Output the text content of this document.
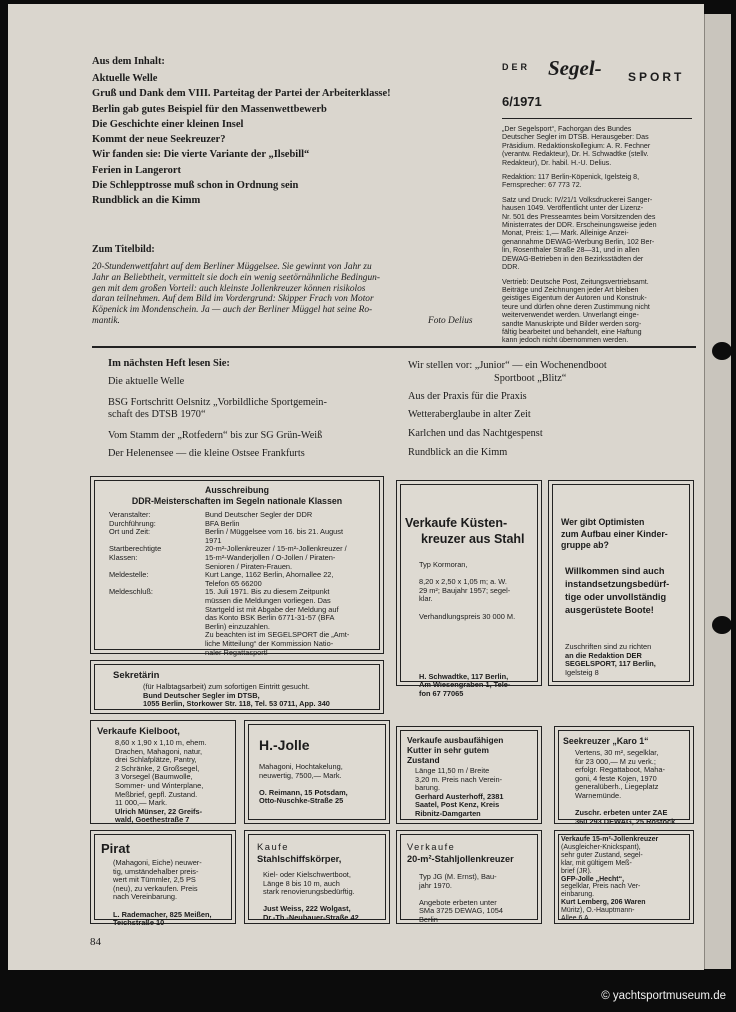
Aus dem Inhalt:
Aktuelle Welle
Gruß und Dank dem VIII. Parteitag der Partei der Arbeiterklasse!
Berlin gab gutes Beispiel für den Massenwettbewerb
Die Geschichte einer kleinen Insel
Kommt der neue Seekreuzer?
Wir fanden sie: Die vierte Variante der „Ilsebill“
Ferien in Langerort
Die Schlepptrosse muß schon in Ordnung sein
Rundblick an die Kimm
DER Segel- SPORT
6/1971
„Der Segelsport“, Fachorgan des Bundes
Deutscher Segler im DTSB. Herausgeber: Das
Präsidium. Redaktionskollegium: A. R. Fechner
(verantw. Redakteur), Dr. H. Schwadtke (stellv.
Redakteur), Dr. habil. H.-U. Delius.
Redaktion: 117 Berlin-Köpenick, Igelsteig 8,
Fernsprecher: 67 773 72.
Satz und Druck: IV/21/1 Volksdruckerei Sanger-
hausen 1049. Veröffentlicht unter der Lizenz-
Nr. 501 des Presseamtes beim Vorsitzenden des
Ministerrates der DDR. Erscheinungsweise jeden
Monat, Preis: 1,— Mark. Alleinige Anzei-
genannahme DEWAG-Werbung Berlin, 102 Ber-
lin, Rosenthaler Straße 28—31, und in allen
DEWAG-Betrieben in den Bezirksstädten der
DDR.
Vertrieb: Deutsche Post, Zeitungsvertriebsamt.
Beiträge und Zeichnungen jeder Art bleiben
geistiges Eigentum der Autoren und Konstruk-
teure und dürfen ohne deren Zustimmung nicht
weiterverwendet werden. Unverlangt einge-
sandte Manuskripte und Bilder werden sorg-
fältig bearbeitet und behandelt, eine Haftung
kann jedoch nicht übernommen werden.
Zum Titelbild:
20-Stundenwettfahrt auf dem Berliner Müggelsee. Sie gewinnt von Jahr zu
Jahr an Beliebtheit, vermittelt sie doch ein wenig seetörnähnliche Bedingun-
gen mit dem großen Vorteil: auch kleinste Jollenkreuzer können risikolos
daran teilnehmen. Auf dem Bild im Vordergrund: Skipper Frach von Motor
Köpenick im Mondenschein. Ja — auch der Berliner Müggel hat seine Ro-
mantik.	Foto Delius
Im nächsten Heft lesen Sie:
Die aktuelle Welle
BSG Fortschritt Oelsnitz „Vorbildliche Sportgemein-
schaft des DTSB 1970“
Vom Stamm der „Rotfedern“ bis zur SG Grün-Weiß
Der Helenensee — die kleine Ostsee Frankfurts
Wir stellen vor: „Junior“ — ein Wochenendboot
Sportboot „Blitz“
Aus der Praxis für die Praxis
Wetteraberglaube in alter Zeit
Karlchen und das Nachtgespenst
Rundblick an die Kimm
Ausschreibung
DDR-Meisterschaften im Segeln nationale Klassen
Veranstalter:	Bund Deutscher Segler der DDR
Durchführung:	BFA Berlin
Ort und Zeit:	Berlin / Müggelsee vom 16. bis 21. August
1971
Startberechtigte	20-m²-Jollenkreuzer / 15-m²-Jollenkreuzer /
Klassen:	15-m²-Wanderjollen / O-Jollen / Piraten-
Senioren / Piraten-Frauen.
Meldestelle:	Kurt Lange, 1162 Berlin, Ahornallee 22,
Telefon 65 66200
Meldeschluß:	15. Juli 1971. Bis zu diesem Zeitpunkt
müssen die Meldungen vorliegen. Das
Startgeld ist mit Abgabe der Meldung auf
das Konto BSK Berlin 6771-31-57 (BFA
Berlin) einzuzahlen.
Zu beachten ist im SEGELSPORT die „Amt-
liche Mitteilung“ der Kommission Natio-
naler Regattasport!
Verkaufe Küsten-
kreuzer aus Stahl
Typ Kormoran,

8,20 x 2,50 x 1,05 m; a. W.
29 m²; Baujahr 1957; segel-
klar.

Verhandlungspreis 30 000 M.

H. Schwadtke, 117 Berlin,
Am Wiesengraben 1, Tele-
fon 67 77065
Wer gibt Optimisten
zum Aufbau einer Kinder-
gruppe ab?
Willkommen sind auch
instandsetzungsbedürf-
tige oder unvollständig
ausgerüstete Boote!
Zuschriften sind zu richten
an die Redaktion DER
SEGELSPORT, 117 Berlin,
Igelsteig 8
Sekretärin
(für Halbtagsarbeit) zum sofortigen Eintritt gesucht.
Bund Deutscher Segler im DTSB,
1055 Berlin, Storkower Str. 118, Tel. 53 0711, App. 340
Verkaufe Kielboot,
8,60 x 1,90 x 1,10 m, ehem.
Drachen, Mahagoni, natur,
drei Schlafplätze, Pantry,
2 Schränke, 2 Großsegel,
3 Vorsegel (Baumwolle,
Sommer- und Winterplane,
Meßbrief, gepfl. Zustand.
11 000,— Mark.
Ulrich Münser, 22 Greifs-
wald, Goethestraße 7
H.-Jolle
Mahagoni, Hochtakelung,
neuwertig, 7500,— Mark.

O. Reimann, 15 Potsdam,
Otto-Nuschke-Straße 25
Verkaufe ausbaufähigen
Kutter in sehr gutem
Zustand
Länge 11,50 m / Breite
3,20 m. Preis nach Verein-
barung.
Gerhard Austerhoff, 2381
Saatel, Post Kenz, Kreis
Ribnitz-Damgarten
Seekreuzer „Karo 1“
Vertens, 30 m², segelklar,
für 23 000,— M zu verk.;
erfolgr. Regattaboot, Maha-
goni, 4 feste Kojen, 1970
generalüberh., Liegeplatz
Warnemünde.

Zuschr. erbeten unter ZAE
360 293 DEWAG, 25 Rostock
Pirat
(Mahagoni, Eiche) neuwer-
tig, umständehalber preis-
wert mit Tümmler, 2,5 PS
(neu), zu verkaufen. Preis
nach Vereinbarung.

L. Rademacher, 825 Meißen,
Teichstraße 10
Kaufe
Stahlschiffskörper,
Kiel- oder Kielschwertboot,
Länge 8 bis 10 m, auch
stark renovierungsbedürftig.

Just Weiss, 222 Wolgast,
Dr.-Th.-Neubauer-Straße 42
Verkaufe
20-m²-Stahljollenkreuzer
Typ JG (M. Ernst), Bau-
jahr 1970.

Angebote erbeten unter
SMa 3725 DEWAG, 1054
Berlin
Verkaufe 15-m²-Jollenkreuzer
(Ausgleicher-Knickspant),
sehr guter Zustand, segel-
klar, mit gültigem Meß-
brief (JR).
GFP-Jolle „Hecht“,
segelklar, Preis nach Ver-
einbarung.
Kurt Lemberg, 206 Waren
Müritz), O.-Hauptmann-
Allee 6 A
84
© yachtsportmuseum.de
